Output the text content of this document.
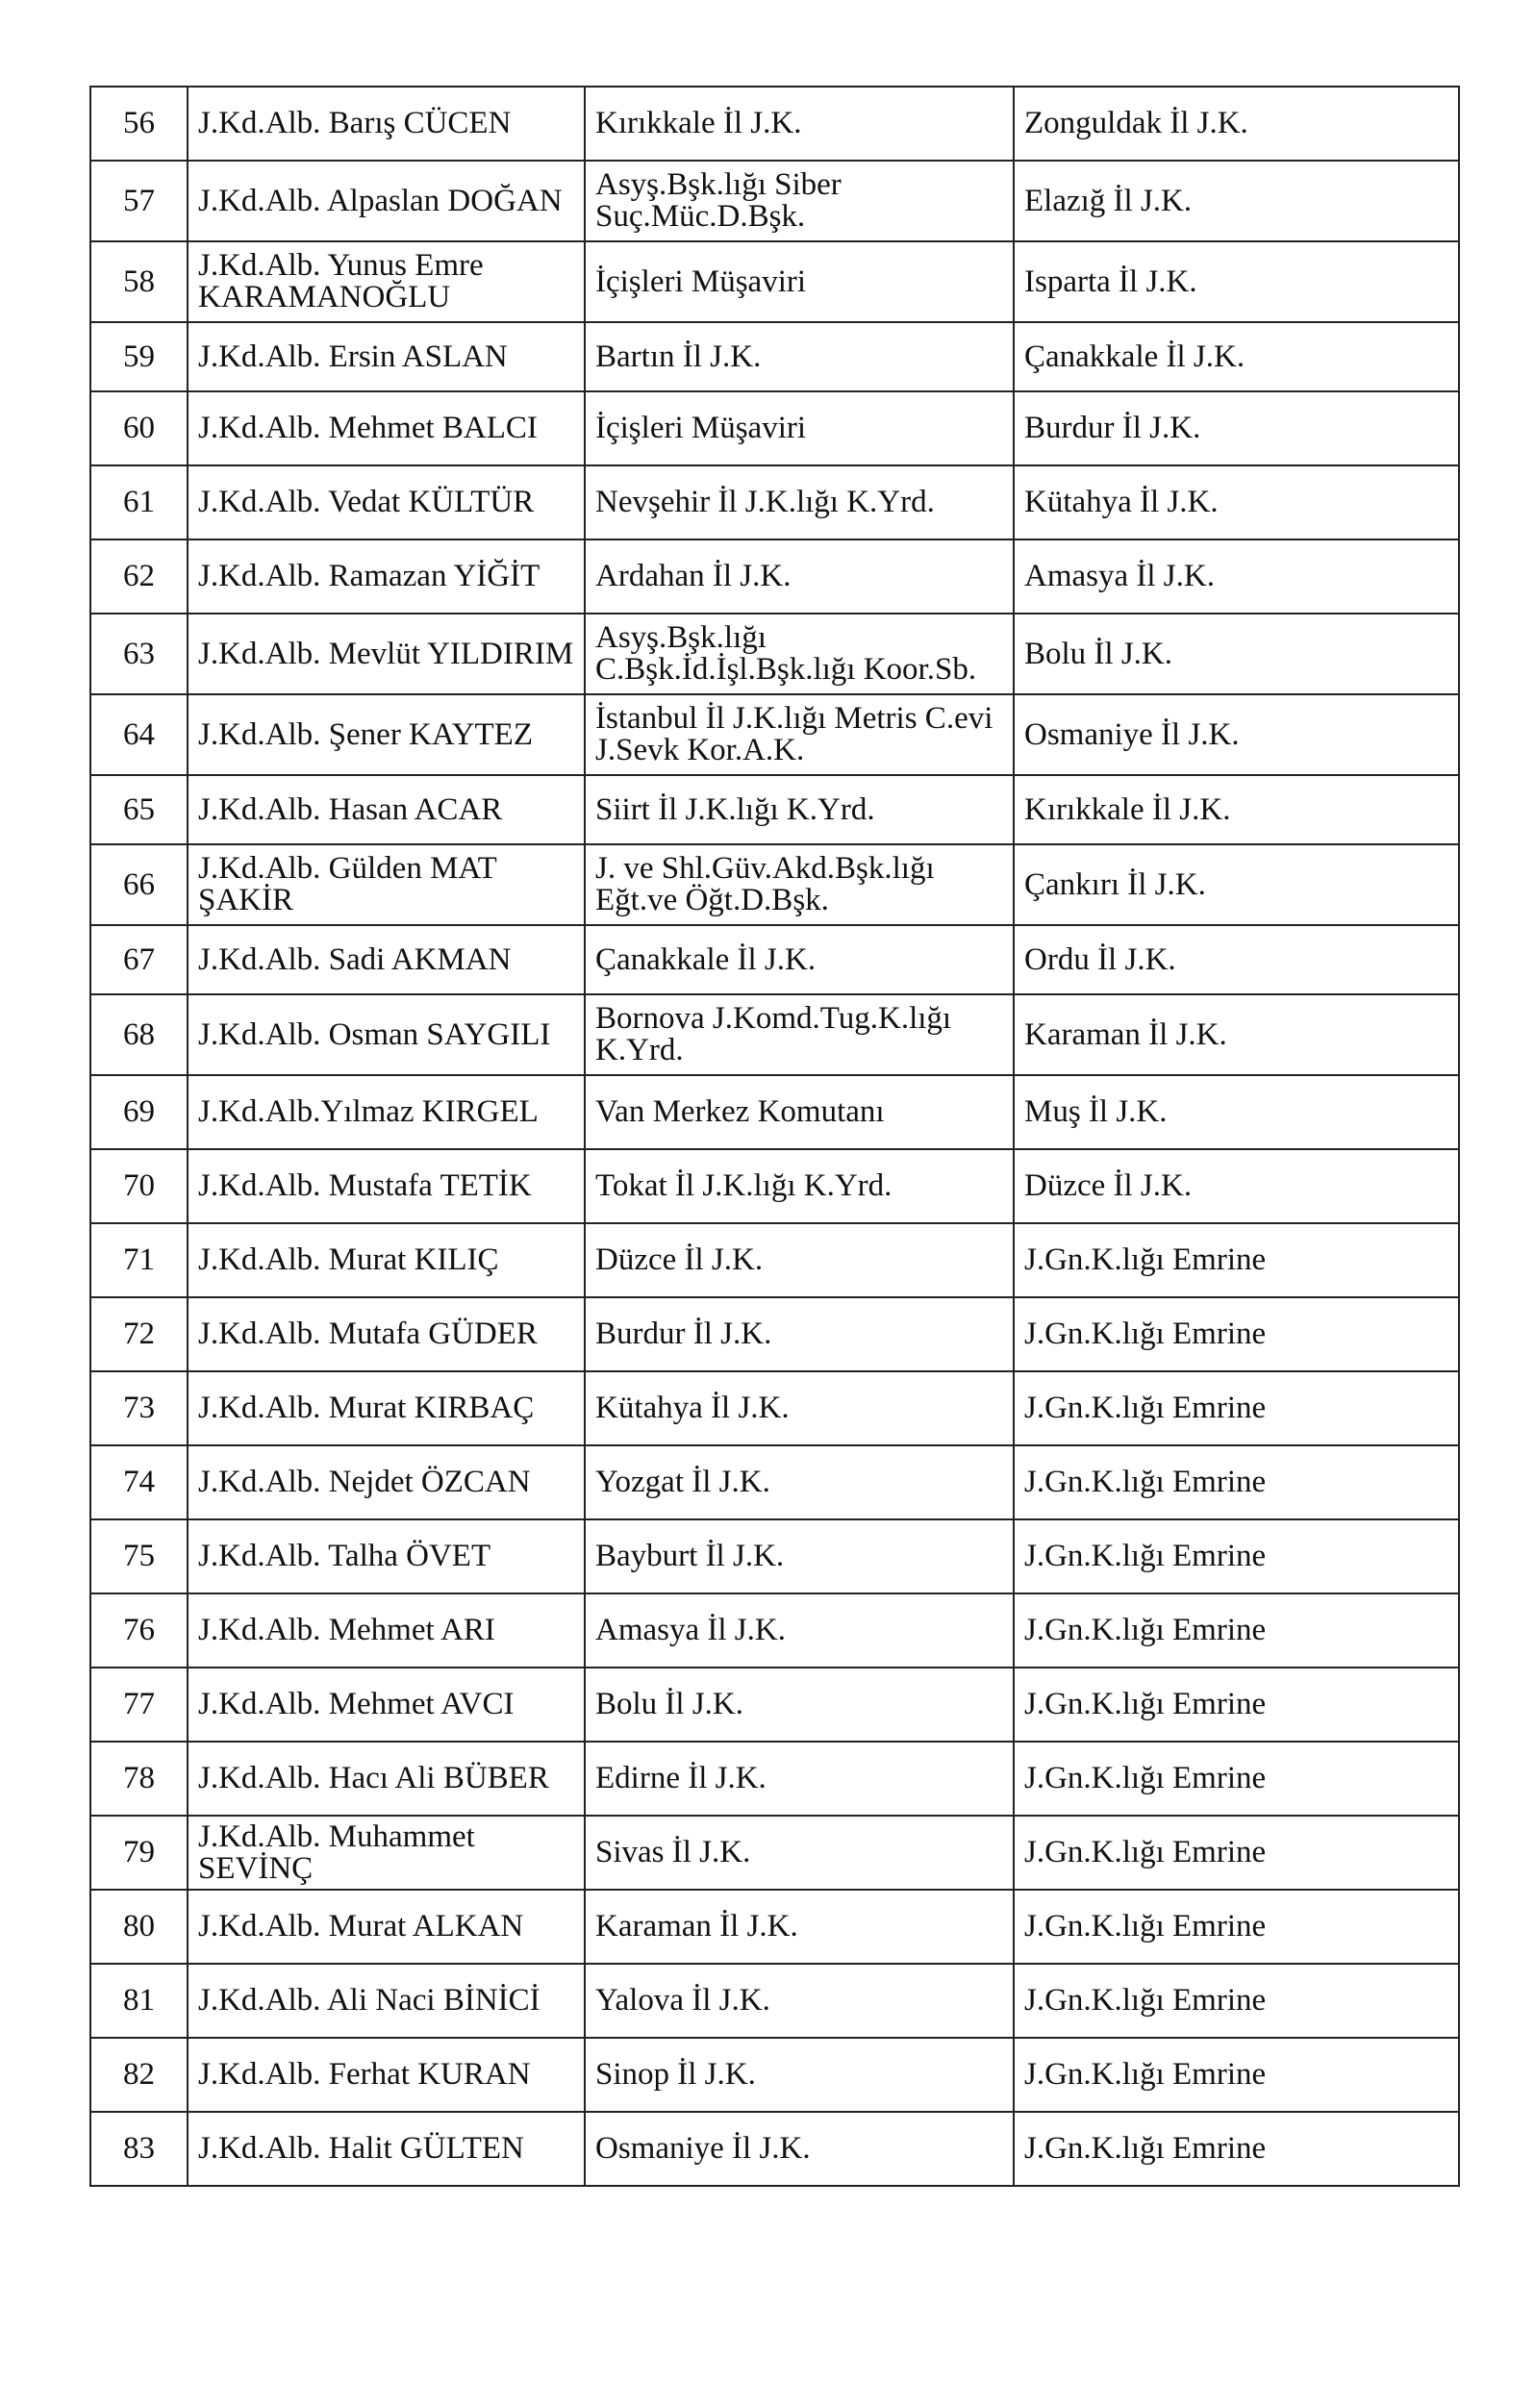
56	J.Kd.Alb. Barış CÜCEN	Kırıkkale İl J.K.	Zonguldak İl J.K.
57	J.Kd.Alb. Alpaslan DOĞAN	Asyş.Bşk.lığı Siber Suç.Müc.D.Bşk.	Elazığ İl J.K.
58	J.Kd.Alb. Yunus Emre KARAMANOĞLU	İçişleri Müşaviri	Isparta İl J.K.
59	J.Kd.Alb. Ersin ASLAN	Bartın İl J.K.	Çanakkale İl J.K.
60	J.Kd.Alb. Mehmet BALCI	İçişleri Müşaviri	Burdur İl J.K.
61	J.Kd.Alb. Vedat KÜLTÜR	Nevşehir İl J.K.lığı K.Yrd.	Kütahya İl J.K.
62	J.Kd.Alb. Ramazan YİĞİT	Ardahan İl J.K.	Amasya İl J.K.
63	J.Kd.Alb. Mevlüt YILDIRIM	Asyş.Bşk.lığı C.Bşk.İd.İşl.Bşk.lığı Koor.Sb.	Bolu İl J.K.
64	J.Kd.Alb. Şener KAYTEZ	İstanbul İl J.K.lığı Metris C.evi J.Sevk Kor.A.K.	Osmaniye İl J.K.
65	J.Kd.Alb. Hasan ACAR	Siirt İl J.K.lığı K.Yrd.	Kırıkkale İl J.K.
66	J.Kd.Alb. Gülden MAT ŞAKİR	J. ve Shl.Güv.Akd.Bşk.lığı Eğt.ve Öğt.D.Bşk.	Çankırı İl J.K.
67	J.Kd.Alb. Sadi AKMAN	Çanakkale İl J.K.	Ordu İl J.K.
68	J.Kd.Alb. Osman SAYGILI	Bornova J.Komd.Tug.K.lığı K.Yrd.	Karaman İl J.K.
69	J.Kd.Alb.Yılmaz KIRGEL	Van Merkez Komutanı	Muş İl J.K.
70	J.Kd.Alb. Mustafa TETİK	Tokat İl J.K.lığı K.Yrd.	Düzce İl J.K.
71	J.Kd.Alb. Murat KILIÇ	Düzce İl J.K.	J.Gn.K.lığı Emrine
72	J.Kd.Alb. Mutafa GÜDER	Burdur İl J.K.	J.Gn.K.lığı Emrine
73	J.Kd.Alb. Murat KIRBAÇ	Kütahya İl J.K.	J.Gn.K.lığı Emrine
74	J.Kd.Alb. Nejdet ÖZCAN	Yozgat İl J.K.	J.Gn.K.lığı Emrine
75	J.Kd.Alb. Talha ÖVET	Bayburt İl J.K.	J.Gn.K.lığı Emrine
76	J.Kd.Alb. Mehmet ARI	Amasya İl J.K.	J.Gn.K.lığı Emrine
77	J.Kd.Alb. Mehmet AVCI	Bolu İl J.K.	J.Gn.K.lığı Emrine
78	J.Kd.Alb. Hacı Ali BÜBER	Edirne İl J.K.	J.Gn.K.lığı Emrine
79	J.Kd.Alb. Muhammet SEVİNÇ	Sivas İl J.K.	J.Gn.K.lığı Emrine
80	J.Kd.Alb. Murat ALKAN	Karaman İl J.K.	J.Gn.K.lığı Emrine
81	J.Kd.Alb. Ali Naci BİNİCİ	Yalova İl J.K.	J.Gn.K.lığı Emrine
82	J.Kd.Alb. Ferhat KURAN	Sinop İl J.K.	J.Gn.K.lığı Emrine
83	J.Kd.Alb. Halit GÜLTEN	Osmaniye İl J.K.	J.Gn.K.lığı Emrine
